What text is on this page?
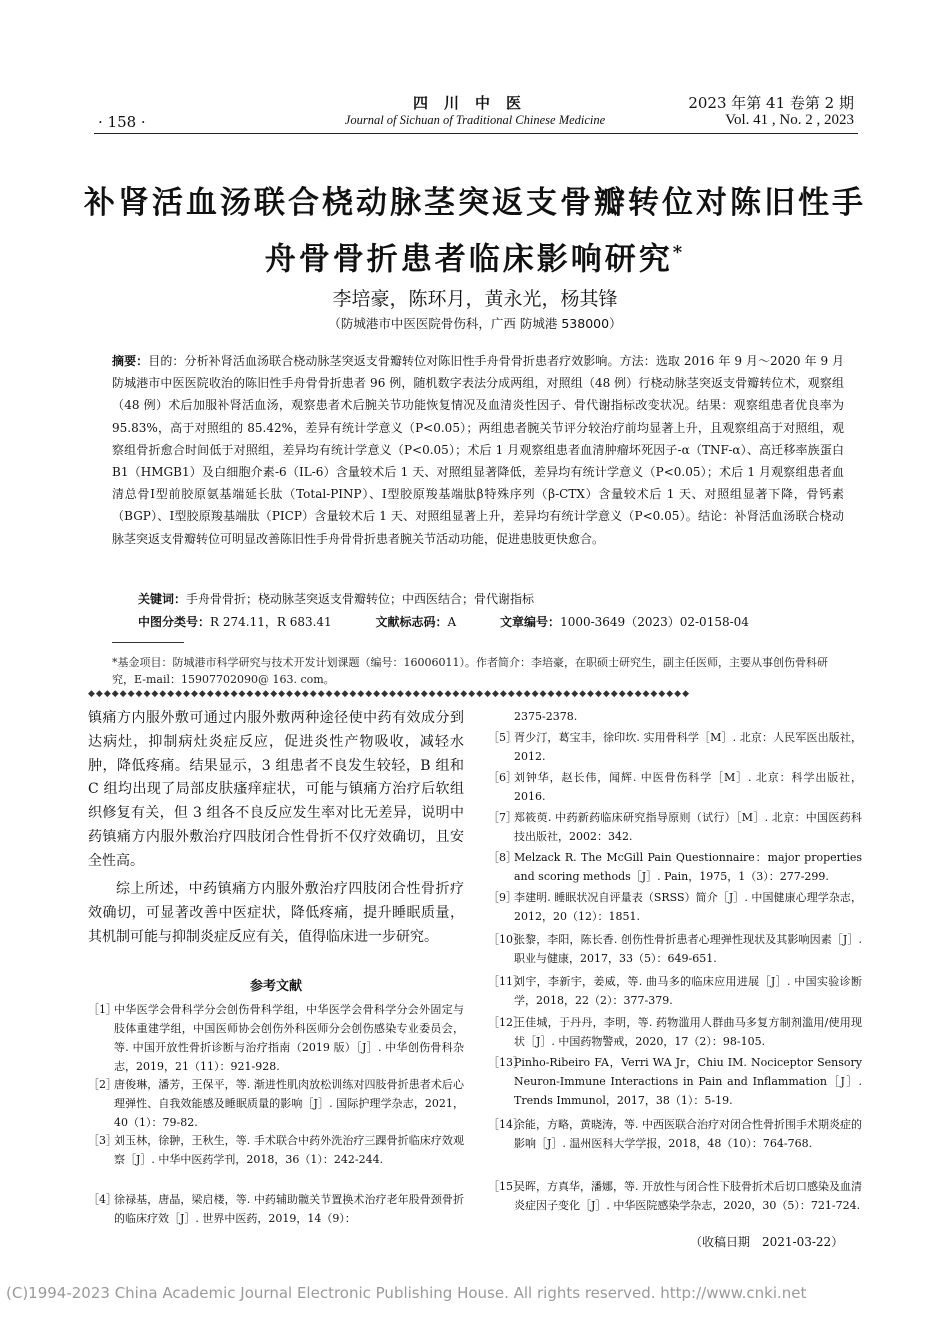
· 158 ·
四川中医
Journal of Sichuan of Traditional Chinese Medicine
2023 年第 41 卷第 2 期
Vol. 41 , No. 2 , 2023
补肾活血汤联合桡动脉茎突返支骨瓣转位对陈旧性手舟骨骨折患者临床影响研究*
李培豪，陈环月，黄永光，杨其锋
（防城港市中医医院骨伤科，广西 防城港 538000）
摘要：目的：分析补肾活血汤联合桡动脉茎突返支骨瓣转位对陈旧性手舟骨骨折患者疗效影响。方法：选取 2016 年 9 月～2020 年 9 月防城港市中医医院收治的陈旧性手舟骨骨折患者 96 例，随机数字表法分成两组，对照组（48 例）行桡动脉茎突返支骨瓣转位术，观察组（48 例）术后加服补肾活血汤，观察患者术后腕关节功能恢复情况及血清炎性因子、骨代谢指标改变状况。结果：观察组患者优良率为 95.83%，高于对照组的 85.42%，差异有统计学意义（P<0.05）；两组患者腕关节评分较治疗前均显著上升，且观察组高于对照组，观察组骨折愈合时间低于对照组，差异均有统计学意义（P<0.05）；术后 1 月观察组患者血清肿瘤坏死因子-α（TNF-α）、高迁移率族蛋白 B1（HMGB1）及白细胞介素-6（IL-6）含量较术后 1 天、对照组显著降低，差异均有统计学意义（P<0.05）；术后 1 月观察组患者血清总骨Ⅰ型前胶原氨基端延长肽（Total-PINP）、Ⅰ型胶原羧基端肽β特殊序列（β-CTX）含量较术后 1 天、对照组显著下降，骨钙素（BGP）、Ⅰ型胶原羧基端肽（PICP）含量较术后 1 天、对照组显著上升，差异均有统计学意义（P<0.05）。结论：补肾活血汤联合桡动脉茎突返支骨瓣转位可明显改善陈旧性手舟骨骨折患者腕关节活动功能，促进患肢更快愈合。
关键词：手舟骨骨折；桡动脉茎突返支骨瓣转位；中西医结合；骨代谢指标
中图分类号：R 274.11，R 683.41	文献标志码：A	文章编号：1000-3649（2023）02-0158-04
*基金项目：防城港市科学研究与技术开发计划课题（编号：16006011）。作者简介：李培豪，在职硕士研究生，副主任医师，主要从事创伤骨科研究，E-mail：15907702090@ 163. com。
◆◆◆◆◆◆◆◆◆◆◆◆◆◆◆◆◆◆◆◆◆◆◆◆◆◆◆◆◆◆◆◆◆◆◆◆◆◆◆◆◆◆◆◆◆◆◆◆◆◆◆◆◆◆◆◆◆◆◆◆◆◆◆◆◆◆◆◆◆◆◆◆◆◆◆◆
镇痛方内服外敷可通过内服外敷两种途径使中药有效成分到达病灶，抑制病灶炎症反应，促进炎性产物吸收，减轻水肿，降低疼痛。结果显示，3 组患者不良发生较轻，B 组和 C 组均出现了局部皮肤瘙痒症状，可能与镇痛方治疗后软组织修复有关，但 3 组各不良反应发生率对比无差异，说明中药镇痛方内服外敷治疗四肢闭合性骨折不仅疗效确切，且安全性高。
综上所述，中药镇痛方内服外敷治疗四肢闭合性骨折疗效确切，可显著改善中医症状，降低疼痛，提升睡眠质量，其机制可能与抑制炎症反应有关，值得临床进一步研究。
参考文献
［1］
中华医学会骨科学分会创伤骨科学组，中华医学会骨科学分会外固定与肢体重建学组，中国医师协会创伤外科医师分会创伤感染专业委员会，等. 中国开放性骨折诊断与治疗指南（2019 版）［J］. 中华创伤骨科杂志，2019，21（11）：921-928.
［2］
唐俊琳，潘芳，王保平，等. 渐进性肌肉放松训练对四肢骨折患者术后心理弹性、自我效能感及睡眠质量的影响［J］. 国际护理学杂志，2021，40（1）：79-82.
［3］
刘玉林，徐翀，王秋生，等. 手术联合中药外洗治疗三踝骨折临床疗效观察［J］. 中华中医药学刊，2018，36（1）：242-244.
［4］
徐禄基，唐晶，梁启楼，等. 中药辅助髋关节置换术治疗老年股骨颈骨折的临床疗效［J］. 世界中医药，2019，14（9）：
2375-2378.
［5］
胥少汀，葛宝丰，徐印坎. 实用骨科学［M］. 北京：人民军医出版社，2012.
［6］
刘钟华，赵长伟，闻辉. 中医骨伤科学［M］. 北京：科学出版社，2016.
［7］
郑筱萸. 中药新药临床研究指导原则（试行）［M］. 北京：中国医药科技出版社，2002：342.
［8］
Melzack R. The McGill Pain Questionnaire：major properties and scoring methods［J］. Pain，1975，1（3）：277-299.
［9］
李建明. 睡眠状况自评量表（SRSS）简介［J］. 中国健康心理学杂志，2012，20（12）：1851.
［10］
张黎，李阳，陈长香. 创伤性骨折患者心理弹性现状及其影响因素［J］. 职业与健康，2017，33（5）：649-651.
［11］
刘宇，李新宇，姜威，等. 曲马多的临床应用进展［J］. 中国实验诊断学，2018，22（2）：377-379.
［12］
王佳城，于丹丹，李明，等. 药物滥用人群曲马多复方制剂滥用/使用现状［J］. 中国药物警戒，2020，17（2）：98-105.
［13］
Pinho-Ribeiro FA，Verri WA Jr，Chiu IM. Nociceptor Sensory Neuron-Immune Interactions in Pain and Inflammation［J］. Trends Immunol，2017，38（1）：5-19.
［14］
余能，方略，黄晓涛，等. 中西医联合治疗对闭合性骨折围手术期炎症的影响［J］. 温州医科大学学报，2018，48（10）：764-768.
［15］
吴晖，方真华，潘娜，等. 开放性与闭合性下肢骨折术后切口感染及血清炎症因子变化［J］. 中华医院感染学杂志，2020，30（5）：721-724.
（收稿日期　2021-03-22）
(C)1994-2023 China Academic Journal Electronic Publishing House. All rights reserved. http://www.cnki.net
